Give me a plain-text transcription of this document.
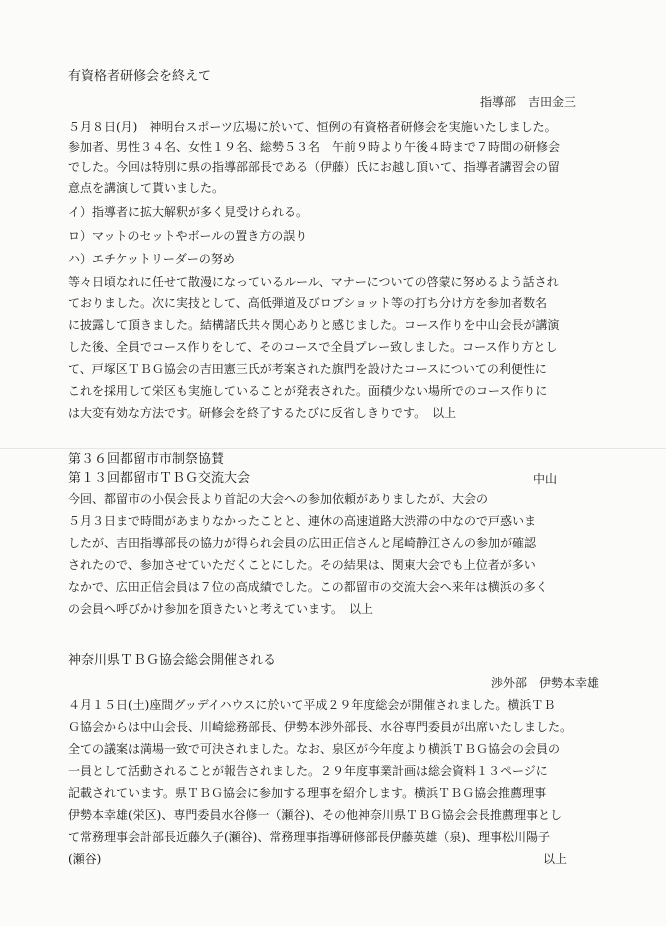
有資格者研修会を終えて
指導部　吉田金三
５月８日(月)　神明台スポーツ広場に於いて、恒例の有資格者研修会を実施いたしました。
参加者、男性３４名、女性１９名、総勢５３名　午前９時より午後４時まで７時間の研修会
でした。今回は特別に県の指導部部長である（伊藤）氏にお越し頂いて、指導者講習会の留
意点を講演して貰いました。
イ）指導者に拡大解釈が多く見受けられる。
ロ）マットのセットやボールの置き方の誤り
ハ）エチケットリーダーの努め
等々日頃なれに任せて散漫になっているルール、マナーについての啓蒙に努めるよう話され
ておりました。次に実技として、高低弾道及びロブショット等の打ち分け方を参加者数名
に披露して頂きました。結構諸氏共々関心ありと感じました。コース作りを中山会長が講演
した後、全員でコース作りをして、そのコースで全員プレー致しました。コース作り方とし
て、戸塚区ＴＢＧ協会の吉田憲三氏が考案された旗門を設けたコースについての利便性に
これを採用して栄区も実施していることが発表された。面積少ない場所でのコース作りに
は大変有効な方法です。研修会を終了するたびに反省しきりです。　以上
第３６回都留市市制祭協賛
第１３回都留市ＴＢＧ交流大会	中山
今回、都留市の小俣会長より首記の大会への参加依頼がありましたが、大会の
５月３日まで時間があまりなかったことと、連休の高速道路大渋滞の中なので戸惑いま
したが、吉田指導部長の協力が得られ会員の広田正信さんと尾崎静江さんの参加が確認
されたので、参加させていただくことにした。その結果は、関東大会でも上位者が多い
なかで、広田正信会員は７位の高成績でした。この都留市の交流大会へ来年は横浜の多く
の会員へ呼びかけ参加を頂きたいと考えています。　以上
神奈川県ＴＢＧ協会総会開催される
渉外部　伊勢本幸雄
４月１５日(土)座間グッデイハウスに於いて平成２９年度総会が開催されました。横浜ＴＢ
Ｇ協会からは中山会長、川崎総務部長、伊勢本渉外部長、水谷専門委員が出席いたしました。
全ての議案は満場一致で可決されました。なお、泉区が今年度より横浜ＴＢＧ協会の会員の
一員として活動されることが報告されました。２９年度事業計画は総会資料１３ページに
記載されています。県ＴＢＧ協会に参加する理事を紹介します。横浜ＴＢＧ協会推薦理事
伊勢本幸雄(栄区)、専門委員水谷修一（瀬谷)、その他神奈川県ＴＢＧ協会会長推薦理事とし
て常務理事会計部長近藤久子(瀬谷)、常務理事指導研修部長伊藤英雄（泉)、理事松川陽子
(瀬谷)	以上
